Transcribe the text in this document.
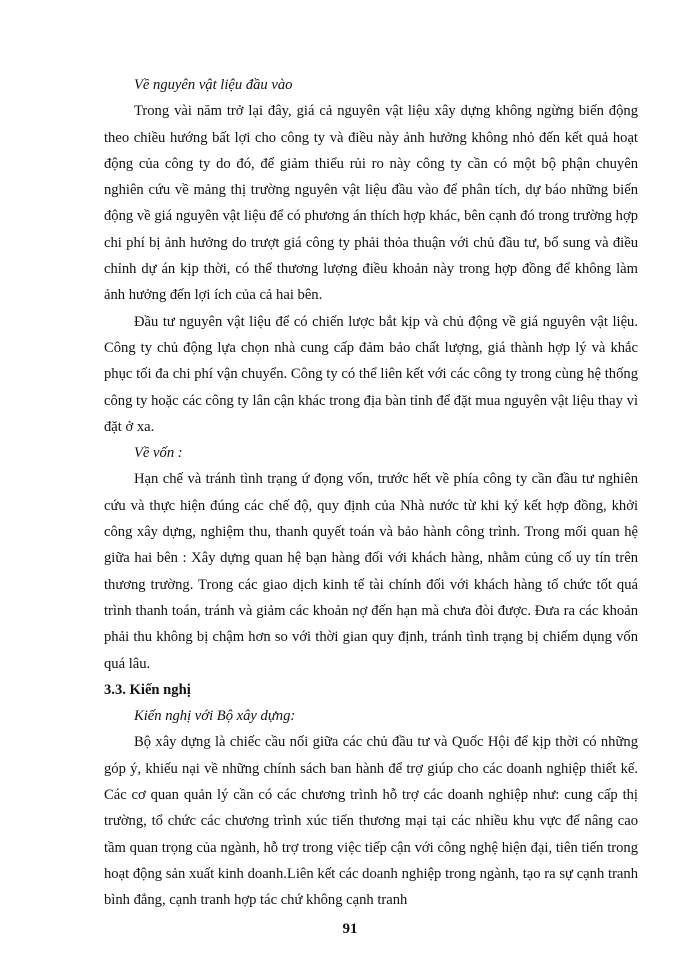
Về nguyên vật liệu đầu vào

Trong vài năm trở lại đây, giá cả nguyên vật liệu xây dựng không ngừng biến động theo chiều hướng bất lợi cho công ty và điều này ảnh hưởng không nhỏ đến kết quả hoạt động của công ty do đó, để giảm thiểu rủi ro này công ty cần có một bộ phận chuyên nghiên cứu về mảng thị trường nguyên vật liệu đầu vào để phân tích, dự báo những biến động về giá nguyên vật liệu để có phương án thích hợp khác, bên cạnh đó trong trường hợp chi phí bị ảnh hưởng do trượt giá công ty phải thỏa thuận với chủ đầu tư, bổ sung và điều chỉnh dự án kịp thời, có thể thương lượng điều khoản này trong hợp đồng để không làm ảnh hưởng đến lợi ích của cả hai bên.

Đầu tư nguyên vật liệu để có chiến lược bắt kịp và chủ động về giá nguyên vật liệu. Công ty chủ động lựa chọn nhà cung cấp đảm bảo chất lượng, giá thành hợp lý và khắc phục tối đa chi phí vận chuyển. Công ty có thể liên kết với các công ty trong cùng hệ thống công ty hoặc các công ty lân cận khác trong địa bàn tỉnh để đặt mua nguyên vật liệu thay vì đặt ở xa.

Về vốn :

Hạn chế và tránh tình trạng ứ đọng vốn, trước hết về phía công ty cần đầu tư nghiên cứu và thực hiện đúng các chế độ, quy định của Nhà nước từ khi ký kết hợp đồng, khởi công xây dựng, nghiệm thu, thanh quyết toán và bảo hành công trình. Trong mối quan hệ giữa hai bên : Xây dựng quan hệ bạn hàng đối với khách hàng, nhằm củng cố uy tín trên thương trường. Trong các giao dịch kinh tế tài chính đối với khách hàng tổ chức tốt quá trình thanh toán, tránh và giảm các khoản nợ đến hạn mà chưa đòi được. Đưa ra các khoản phải thu không bị chậm hơn so với thời gian quy định, tránh tình trạng bị chiếm dụng vốn quá lâu.

3.3. Kiến nghị

Kiến nghị với Bộ xây dựng:

Bộ xây dựng là chiếc cầu nối giữa các chủ đầu tư và Quốc Hội để kịp thời có những góp ý, khiếu nại về những chính sách ban hành để trợ giúp cho các doanh nghiệp thiết kế. Các cơ quan quản lý cần có các chương trình hỗ trợ các doanh nghiệp như: cung cấp thị trường, tổ chức các chương trình xúc tiến thương mại tại các nhiều khu vực để nâng cao tầm quan trọng của ngành, hỗ trợ trong việc tiếp cận với công nghệ hiện đại, tiên tiến trong hoạt động sản xuất kinh doanh.Liên kết các doanh nghiệp trong ngành, tạo ra sự cạnh tranh bình đẳng, cạnh tranh hợp tác chứ không cạnh tranh

91
